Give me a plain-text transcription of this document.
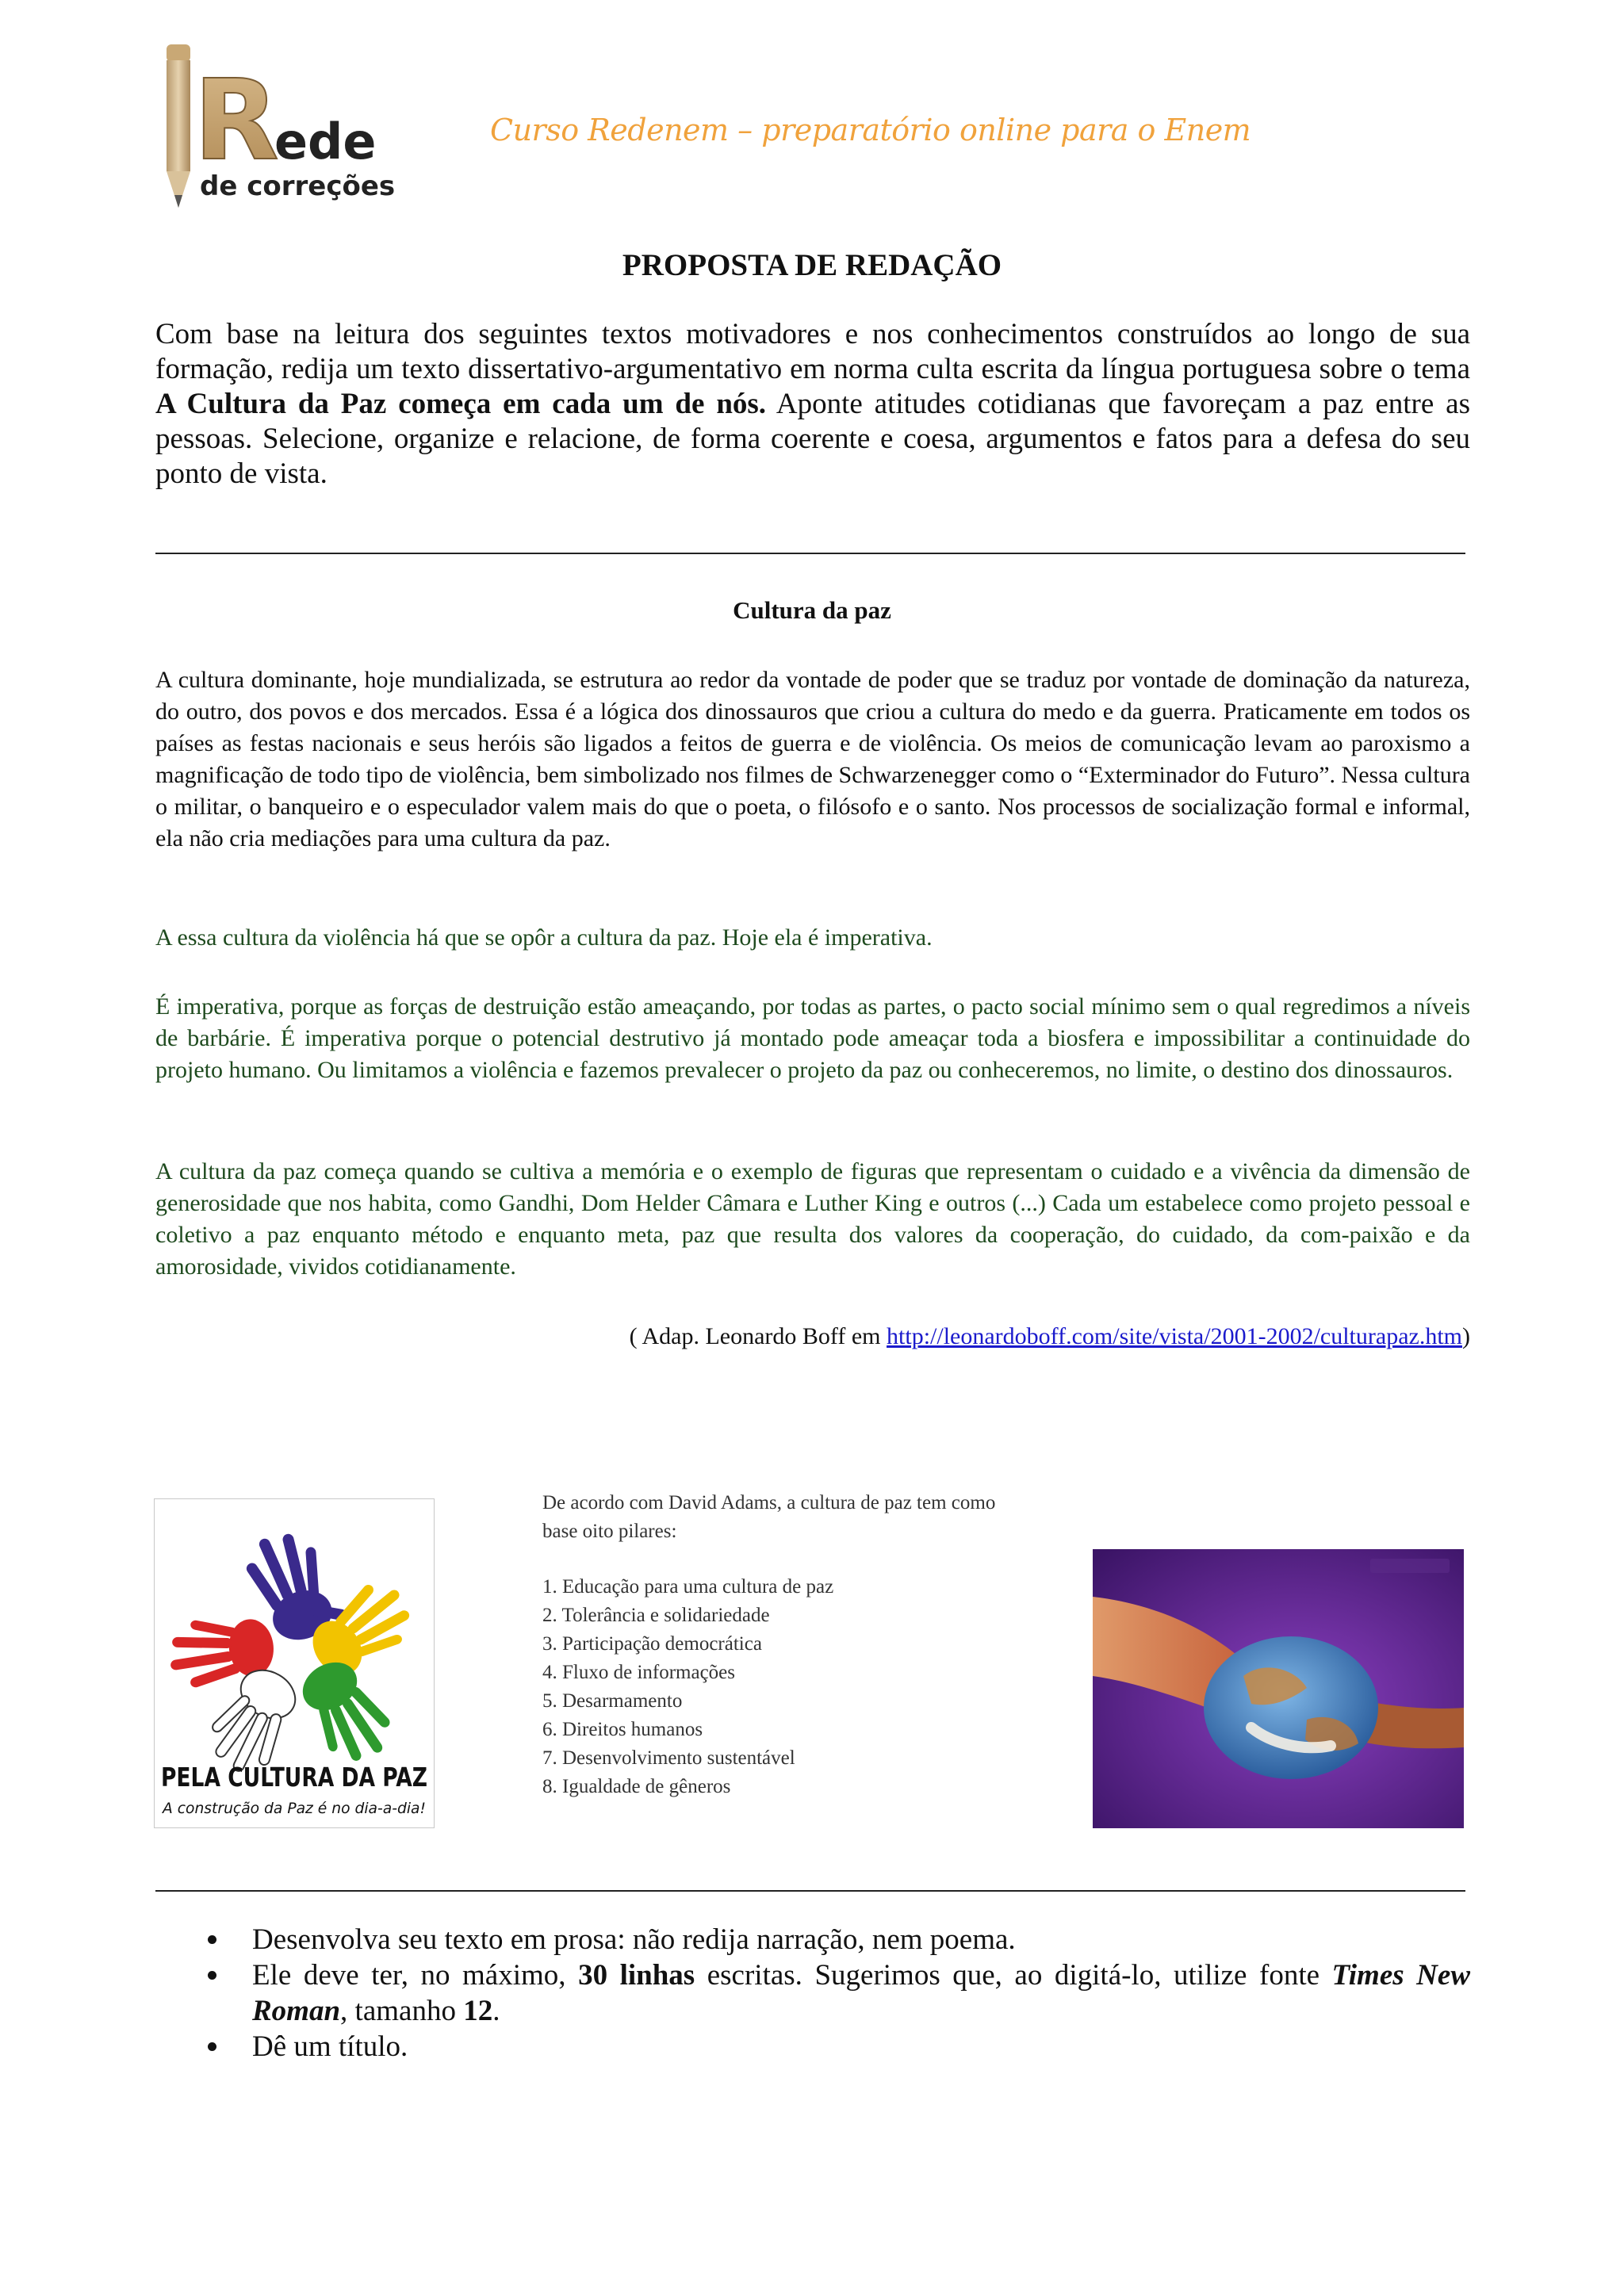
R
ede
de correções
Curso Redenem – preparatório online para o Enem
PROPOSTA DE REDAÇÃO
Com base na leitura dos seguintes textos motivadores e nos conhecimentos construídos ao longo de sua formação, redija um texto dissertativo-argumentativo em norma culta escrita da língua portuguesa sobre o tema A Cultura da Paz começa em cada um de nós. Aponte atitudes cotidianas que favoreçam a paz entre as pessoas. Selecione, organize e relacione, de forma coerente e coesa, argumentos e fatos para a defesa do seu ponto de vista.
Cultura da paz
A cultura dominante, hoje mundializada, se estrutura ao redor da vontade de poder que se traduz por vontade de dominação da natureza, do outro, dos povos e dos mercados. Essa é a lógica dos dinossauros que criou a cultura do medo e da guerra. Praticamente em todos os países as festas nacionais e seus heróis são ligados a feitos de guerra e de violência. Os meios de comunicação levam ao paroxismo a magnificação de todo tipo de violência, bem simbolizado nos filmes de Schwarzenegger como o “Exterminador do Futuro”. Nessa cultura o militar, o banqueiro e o especulador valem mais do que o poeta, o filósofo e o santo. Nos processos de socialização formal e informal, ela não cria mediações para uma cultura da paz.
A essa cultura da violência há que se opôr a cultura da paz. Hoje ela é imperativa.
É imperativa, porque as forças de destruição estão ameaçando, por todas as partes, o pacto social mínimo sem o qual regredimos a níveis de barbárie. É imperativa porque o potencial destrutivo já montado pode ameaçar toda a biosfera e impossibilitar a continuidade do projeto humano. Ou limitamos a violência e fazemos prevalecer o projeto da paz ou conheceremos, no limite, o destino dos dinossauros.
A cultura da paz começa quando se cultiva a memória e o exemplo de figuras que representam o cuidado e a vivência da dimensão de generosidade que nos habita, como Gandhi, Dom Helder Câmara e Luther King e outros (...) Cada um estabelece como projeto pessoal e coletivo a paz enquanto método e enquanto meta, paz que resulta dos valores da cooperação, do cuidado, da com-paixão e da amorosidade, vividos cotidianamente.
( Adap. Leonardo Boff em http://leonardoboff.com/site/vista/2001-2002/culturapaz.htm)
PELA CULTURA DA PAZ
A construção da Paz é no dia-a-dia!

De acordo com David Adams, a cultura de paz tem como base oito pilares:

1. Educação para uma cultura de paz
2. Tolerância e solidariedade
3. Participação democrática
4. Fluxo de informações
5. Desarmamento
6. Direitos humanos
7. Desenvolvimento sustentável
8. Igualdade de gêneros
Desenvolva seu texto em prosa: não redija narração, nem poema.
Ele deve ter, no máximo, 30 linhas escritas. Sugerimos que, ao digitá-lo, utilize fonte Times New Roman, tamanho 12.
Dê um título.
